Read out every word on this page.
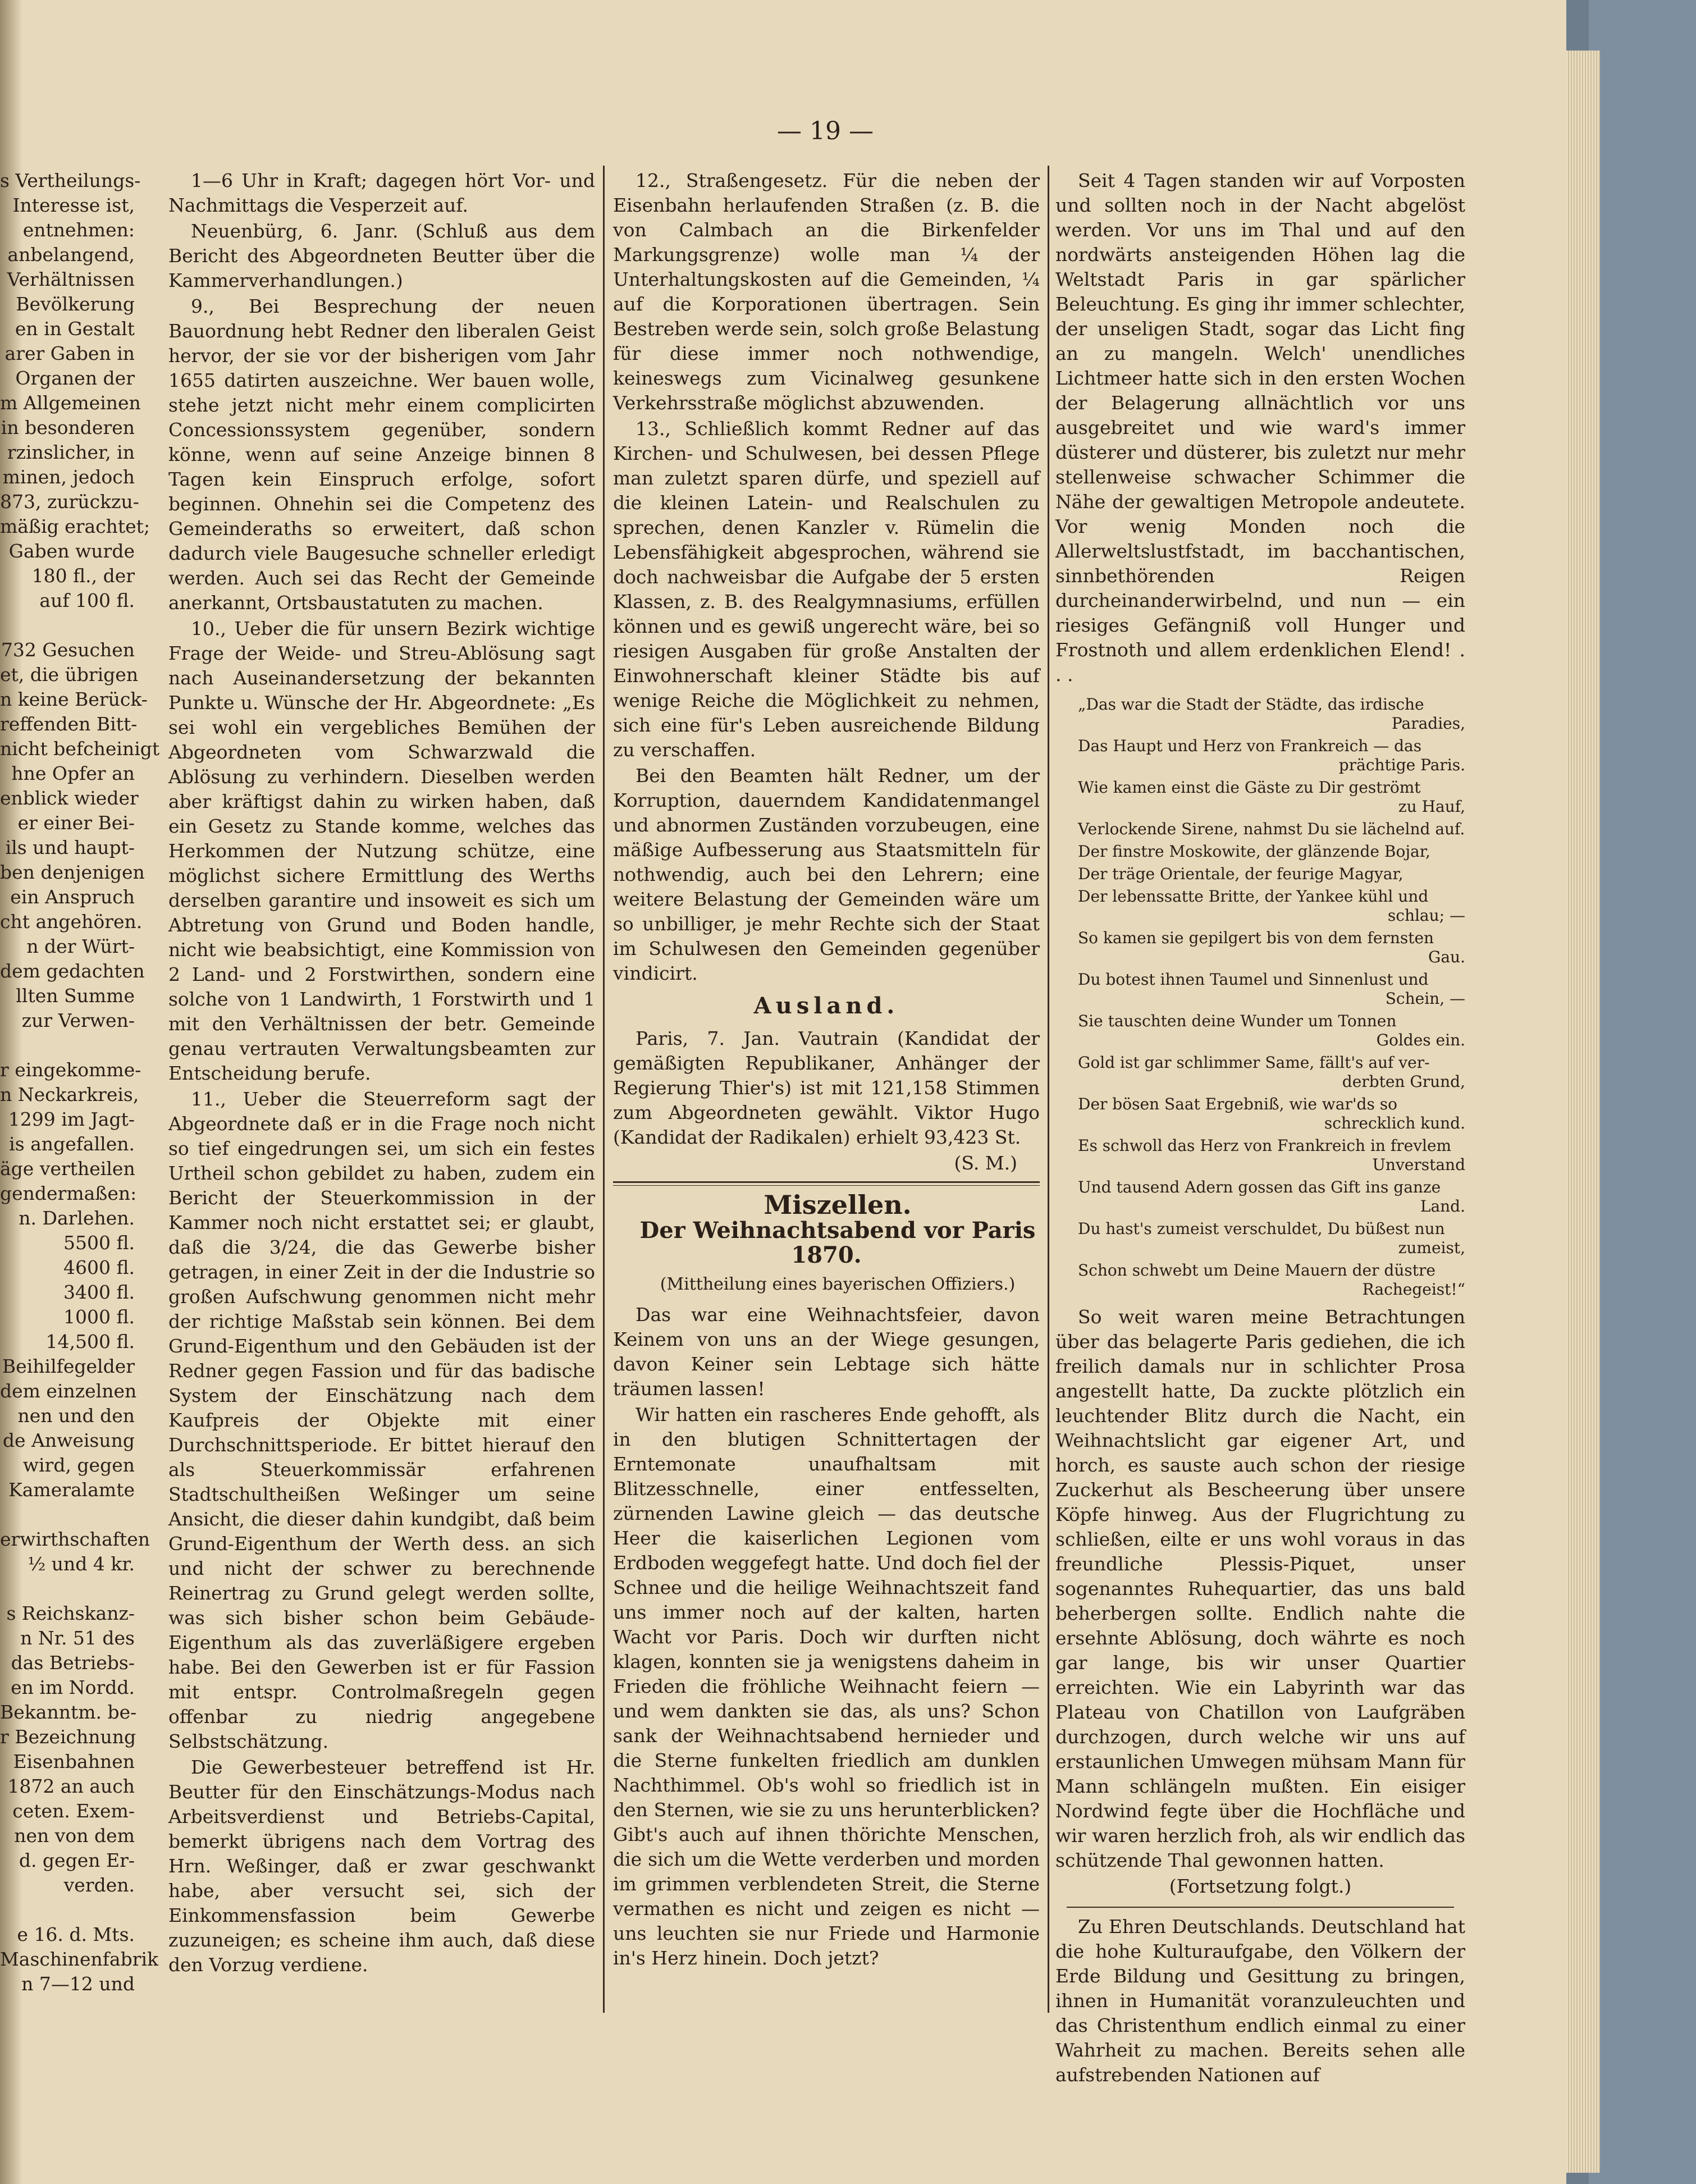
— 19 —
s Vertheilungs-
Interesse ist,
entnehmen:
anbelangend,
Verhältnissen
Bevölkerung
en in Gestalt
arer Gaben in
Organen der
m Allgemeinen
in besonderen
rzinslicher, in
minen, jedoch
873, zurückzu-
mäßig erachtet;
Gaben wurde
180 fl., der
auf 100 fl.

732 Gesuchen
et, die übrigen
n keine Berück-
reffenden Bitt-
nicht befcheinigt
hne Opfer an
enblick wieder
er einer Bei-
ils und haupt-
ben denjenigen
ein Anspruch
cht angehören.
n der Würt-
dem gedachten
llten Summe
zur Verwen-

r eingekomme-
n Neckarkreis,
1299 im Jagt-
is angefallen.
äge vertheilen
gendermaßen:
n. Darlehen.
5500 fl.
4600 fl.
3400 fl.
1000 fl.
14,500 fl.
Beihilfegelder
dem einzelnen
nen und den
de Anweisung
wird, gegen
Kameralamte

erwirthschaften
½ und 4 kr.

s Reichskanz-
n Nr. 51 des
das Betriebs-
en im Nordd.
Bekanntm. be-
r Bezeichnung
Eisenbahnen
1872 an auch
ceten. Exem-
nen von dem
d. gegen Er-
verden.

e 16. d. Mts.
Maschinenfabrik
n 7—12 und

1—6 Uhr in Kraft; dagegen hört Vor- und Nachmittags die Vesperzeit auf.

Neuenbürg, 6. Janr. (Schluß aus dem Bericht des Abgeordneten Beutter über die Kammerverhandlungen.)

9., Bei Besprechung der neuen Bauordnung hebt Redner den liberalen Geist hervor, der sie vor der bisherigen vom Jahr 1655 datirten auszeichne. Wer bauen wolle, stehe jetzt nicht mehr einem complicirten Concessionssystem gegenüber, sondern könne, wenn auf seine Anzeige binnen 8 Tagen kein Einspruch erfolge, sofort beginnen. Ohnehin sei die Competenz des Gemeinderaths so erweitert, daß schon dadurch viele Baugesuche schneller erledigt werden. Auch sei das Recht der Gemeinde anerkannt, Ortsbaustatuten zu machen.

10., Ueber die für unsern Bezirk wichtige Frage der Weide- und Streu-Ablösung sagt nach Auseinandersetzung der bekannten Punkte u. Wünsche der Hr. Abgeordnete: „Es sei wohl ein vergebliches Bemühen der Abgeordneten vom Schwarzwald die Ablösung zu verhindern. Dieselben werden aber kräftigst dahin zu wirken haben, daß ein Gesetz zu Stande komme, welches das Herkommen der Nutzung schütze, eine möglichst sichere Ermittlung des Werths derselben garantire und insoweit es sich um Abtretung von Grund und Boden handle, nicht wie beabsichtigt, eine Kommission von 2 Land- und 2 Forstwirthen, sondern eine solche von 1 Landwirth, 1 Forstwirth und 1 mit den Verhältnissen der betr. Gemeinde genau vertrauten Verwaltungsbeamten zur Entscheidung berufe.

11., Ueber die Steuerreform sagt der Abgeordnete daß er in die Frage noch nicht so tief eingedrungen sei, um sich ein festes Urtheil schon gebildet zu haben, zudem ein Bericht der Steuerkommission in der Kammer noch nicht erstattet sei; er glaubt, daß die 3/24, die das Gewerbe bisher getragen, in einer Zeit in der die Industrie so großen Aufschwung genommen nicht mehr der richtige Maßstab sein können. Bei dem Grund-Eigenthum und den Gebäuden ist der Redner gegen Fassion und für das badische System der Einschätzung nach dem Kaufpreis der Objekte mit einer Durchschnittsperiode. Er bittet hierauf den als Steuerkommissär erfahrenen Stadtschultheißen Weßinger um seine Ansicht, die dieser dahin kundgibt, daß beim Grund-Eigenthum der Werth dess. an sich und nicht der schwer zu berechnende Reinertrag zu Grund gelegt werden sollte, was sich bisher schon beim Gebäude-Eigenthum als das zuverläßigere ergeben habe. Bei den Gewerben ist er für Fassion mit entspr. Controlmaßregeln gegen offenbar zu niedrig angegebene Selbstschätzung.

Die Gewerbesteuer betreffend ist Hr. Beutter für den Einschätzungs-Modus nach Arbeitsverdienst und Betriebs-Capital, bemerkt übrigens nach dem Vortrag des Hrn. Weßinger, daß er zwar geschwankt habe, aber versucht sei, sich der Einkommensfassion beim Gewerbe zuzuneigen; es scheine ihm auch, daß diese den Vorzug verdiene.

12., Straßengesetz. Für die neben der Eisenbahn herlaufenden Straßen (z. B. die von Calmbach an die Birkenfelder Markungsgrenze) wolle man ¼ der Unterhaltungskosten auf die Gemeinden, ¼ auf die Korporationen übertragen. Sein Bestreben werde sein, solch große Belastung für diese immer noch nothwendige, keineswegs zum Vicinalweg gesunkene Verkehrsstraße möglichst abzuwenden.

13., Schließlich kommt Redner auf das Kirchen- und Schulwesen, bei dessen Pflege man zuletzt sparen dürfe, und speziell auf die kleinen Latein- und Realschulen zu sprechen, denen Kanzler v. Rümelin die Lebensfähigkeit abgesprochen, während sie doch nachweisbar die Aufgabe der 5 ersten Klassen, z. B. des Realgymnasiums, erfüllen können und es gewiß ungerecht wäre, bei so riesigen Ausgaben für große Anstalten der Einwohnerschaft kleiner Städte bis auf wenige Reiche die Möglichkeit zu nehmen, sich eine für's Leben ausreichende Bildung zu verschaffen.

Bei den Beamten hält Redner, um der Korruption, dauerndem Kandidatenmangel und abnormen Zuständen vorzubeugen, eine mäßige Aufbesserung aus Staatsmitteln für nothwendig, auch bei den Lehrern; eine weitere Belastung der Gemeinden wäre um so unbilliger, je mehr Rechte sich der Staat im Schulwesen den Gemeinden gegenüber vindicirt.

Ausland.

Paris, 7. Jan. Vautrain (Kandidat der gemäßigten Republikaner, Anhänger der Regierung Thier's) ist mit 121,158 Stimmen zum Abgeordneten gewählt. Viktor Hugo (Kandidat der Radikalen) erhielt 93,423 St.

(S. M.)

Miszellen.

Der Weihnachtsabend vor Paris 1870.

(Mittheilung eines bayerischen Offiziers.)

Das war eine Weihnachtsfeier, davon Keinem von uns an der Wiege gesungen, davon Keiner sein Lebtage sich hätte träumen lassen!

Wir hatten ein rascheres Ende gehofft, als in den blutigen Schnittertagen der Erntemonate unaufhaltsam mit Blitzesschnelle, einer entfesselten, zürnenden Lawine gleich — das deutsche Heer die kaiserlichen Legionen vom Erdboden weggefegt hatte. Und doch fiel der Schnee und die heilige Weihnachtszeit fand uns immer noch auf der kalten, harten Wacht vor Paris. Doch wir durften nicht klagen, konnten sie ja wenigstens daheim in Frieden die fröhliche Weihnacht feiern — und wem dankten sie das, als uns? Schon sank der Weihnachtsabend hernieder und die Sterne funkelten friedlich am dunklen Nachthimmel. Ob's wohl so friedlich ist in den Sternen, wie sie zu uns herunterblicken? Gibt's auch auf ihnen thörichte Menschen, die sich um die Wette verderben und morden im grimmen verblendeten Streit, die Sterne vermathen es nicht und zeigen es nicht — uns leuchten sie nur Friede und Harmonie in's Herz hinein. Doch jetzt?

Seit 4 Tagen standen wir auf Vorposten und sollten noch in der Nacht abgelöst werden. Vor uns im Thal und auf den nordwärts ansteigenden Höhen lag die Weltstadt Paris in gar spärlicher Beleuchtung. Es ging ihr immer schlechter, der unseligen Stadt, sogar das Licht fing an zu mangeln. Welch' unendliches Lichtmeer hatte sich in den ersten Wochen der Belagerung allnächtlich vor uns ausgebreitet und wie ward's immer düsterer und düsterer, bis zuletzt nur mehr stellenweise schwacher Schimmer die Nähe der gewaltigen Metropole andeutete. Vor wenig Monden noch die Allerweltslustfstadt, im bacchantischen, sinnbethörenden Reigen durcheinanderwirbelnd, und nun — ein riesiges Gefängniß voll Hunger und Frostnoth und allem erdenklichen Elend! . . .

„Das war die Stadt der Städte, das irdische
Paradies,

Das Haupt und Herz von Frankreich — das
prächtige Paris.

Wie kamen einst die Gäste zu Dir geströmt
zu Hauf,

Verlockende Sirene, nahmst Du sie lächelnd auf.

Der finstre Moskowite, der glänzende Bojar,

Der träge Orientale, der feurige Magyar,

Der lebenssatte Britte, der Yankee kühl und
schlau; —

So kamen sie gepilgert bis von dem fernsten
Gau.

Du botest ihnen Taumel und Sinnenlust und
Schein, —

Sie tauschten deine Wunder um Tonnen
Goldes ein.

Gold ist gar schlimmer Same, fällt's auf ver-
derbten Grund,

Der bösen Saat Ergebniß, wie war'ds so
schrecklich kund.

Es schwoll das Herz von Frankreich in frevlem
Unverstand

Und tausend Adern gossen das Gift ins ganze
Land.

Du hast's zumeist verschuldet, Du büßest nun
zumeist,

Schon schwebt um Deine Mauern der düstre
Rachegeist!“

So weit waren meine Betrachtungen über das belagerte Paris gediehen, die ich freilich damals nur in schlichter Prosa angestellt hatte, Da zuckte plötzlich ein leuchtender Blitz durch die Nacht, ein Weihnachtslicht gar eigener Art, und horch, es sauste auch schon der riesige Zuckerhut als Bescheerung über unsere Köpfe hinweg. Aus der Flugrichtung zu schließen, eilte er uns wohl voraus in das freundliche Plessis-Piquet, unser sogenanntes Ruhequartier, das uns bald beherbergen sollte. Endlich nahte die ersehnte Ablösung, doch währte es noch gar lange, bis wir unser Quartier erreichten. Wie ein Labyrinth war das Plateau von Chatillon von Laufgräben durchzogen, durch welche wir uns auf erstaunlichen Umwegen mühsam Mann für Mann schlängeln mußten. Ein eisiger Nordwind fegte über die Hochfläche und wir waren herzlich froh, als wir endlich das schützende Thal gewonnen hatten.

(Fortsetzung folgt.)

Zu Ehren Deutschlands. Deutschland hat die hohe Kulturaufgabe, den Völkern der Erde Bildung und Gesittung zu bringen, ihnen in Humanität voranzuleuchten und das Christenthum endlich einmal zu einer Wahrheit zu machen. Bereits sehen alle aufstrebenden Nationen auf
